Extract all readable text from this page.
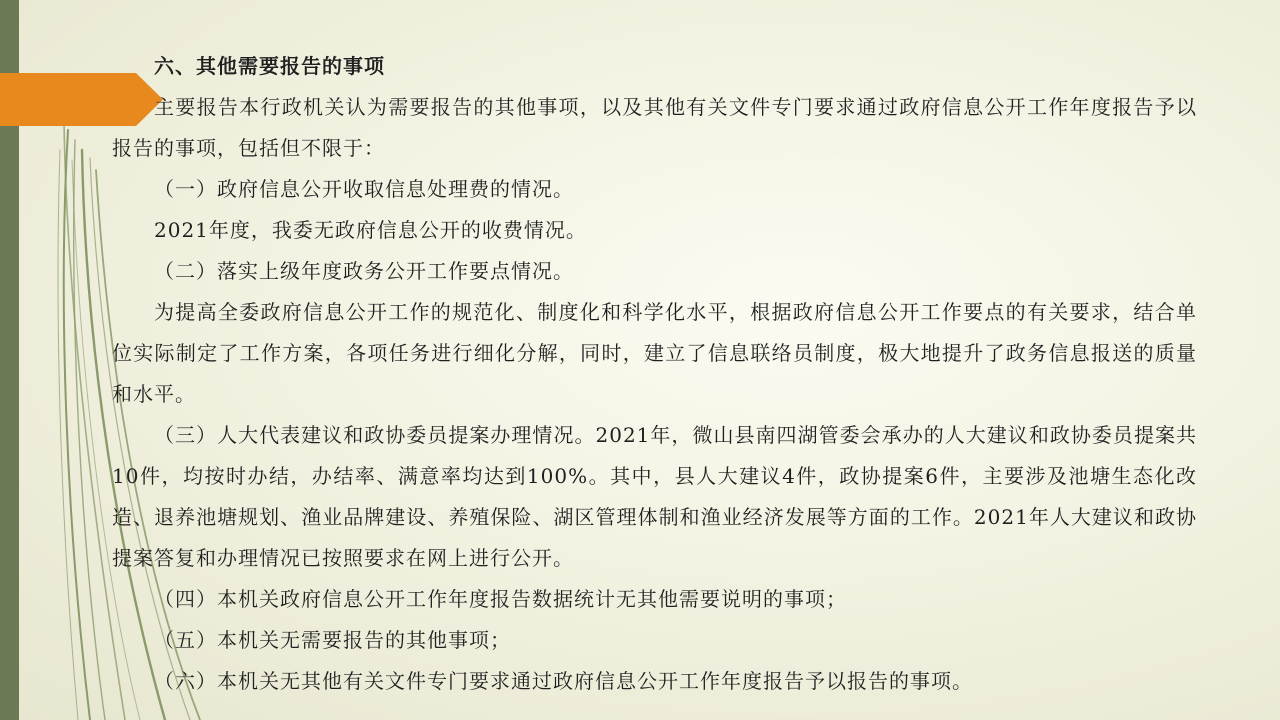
六、其他需要报告的事项

主要报告本行政机关认为需要报告的其他事项，以及其他有关文件专门要求通过政府信息公开工作年度报告予以报告的事项，包括但不限于：

（一）政府信息公开收取信息处理费的情况。

2021年度，我委无政府信息公开的收费情况。

（二）落实上级年度政务公开工作要点情况。

为提高全委政府信息公开工作的规范化、制度化和科学化水平，根据政府信息公开工作要点的有关要求，结合单位实际制定了工作方案，各项任务进行细化分解，同时，建立了信息联络员制度，极大地提升了政务信息报送的质量和水平。

（三）人大代表建议和政协委员提案办理情况。2021年，微山县南四湖管委会承办的人大建议和政协委员提案共10件，均按时办结，办结率、满意率均达到100%。其中，县人大建议4件，政协提案6件，主要涉及池塘生态化改造、退养池塘规划、渔业品牌建设、养殖保险、湖区管理体制和渔业经济发展等方面的工作。2021年人大建议和政协提案答复和办理情况已按照要求在网上进行公开。

（四）本机关政府信息公开工作年度报告数据统计无其他需要说明的事项；

（五）本机关无需要报告的其他事项；

（六）本机关无其他有关文件专门要求通过政府信息公开工作年度报告予以报告的事项。
